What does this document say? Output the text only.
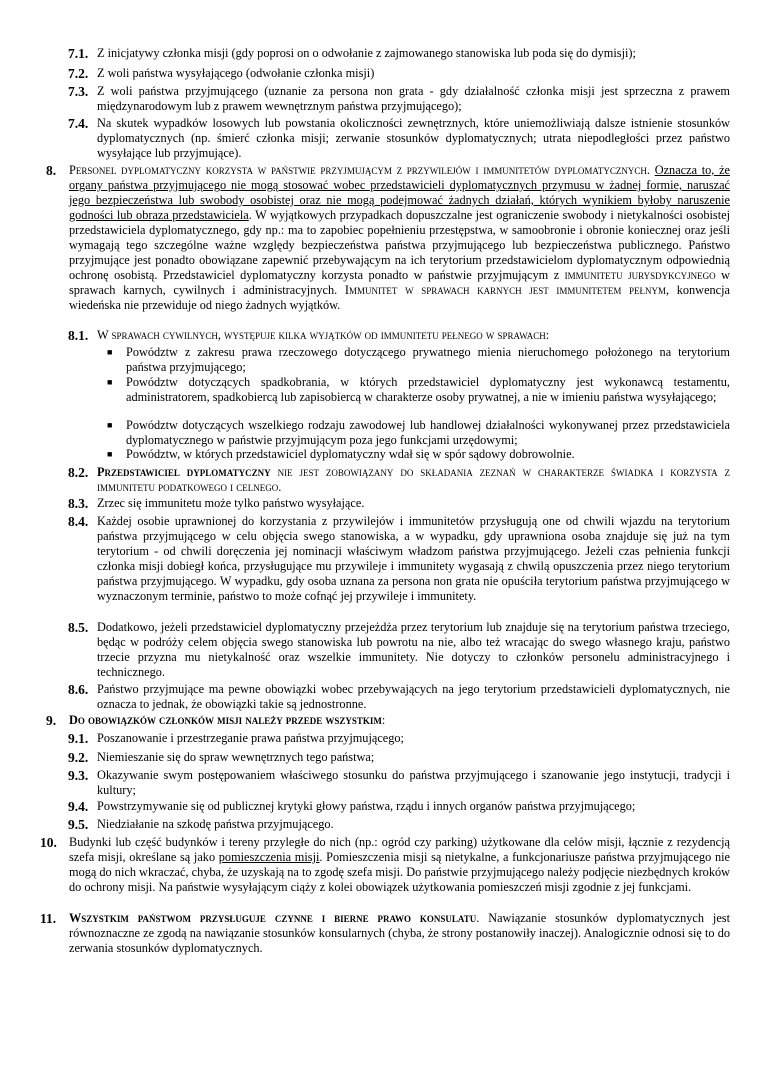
7.1. Z inicjatywy członka misji (gdy poprosi on o odwołanie z zajmowanego stanowiska lub poda się do dymisji);
7.2. Z woli państwa wysyłającego (odwołanie członka misji)
7.3. Z woli państwa przyjmującego (uznanie za persona non grata - gdy działalność członka misji jest sprzeczna z prawem międzynarodowym lub z prawem wewnętrznym państwa przyjmującego);
7.4. Na skutek wypadków losowych lub powstania okoliczności zewnętrznych, które uniemożliwiają dalsze istnienie stosunków dyplomatycznych (np. śmierć członka misji; zerwanie stosunków dyplomatycznych; utrata niepodległości przez państwo wysyłające lub przyjmujące).
8.	Personel dyplomatyczny korzysta w państwie przyjmującym z przywilejów i immunitetów dyplomatycznych. Oznacza to, że organy państwa przyjmującego nie mogą stosować wobec przedstawicieli dyplomatycznych przymusu w żadnej formie, naruszać jego bezpieczeństwa lub swobody osobistej oraz nie mogą podejmować żadnych działań, których wynikiem byłoby naruszenie godności lub obraza przedstawiciela. W wyjątkowych przypadkach dopuszczalne jest ograniczenie swobody i nietykalności osobistej przedstawiciela dyplomatycznego, gdy np.: ma to zapobiec popełnieniu przestępstwa, w samoobronie i obronie koniecznej oraz jeśli wymagają tego szczególne ważne względy bezpieczeństwa państwa przyjmującego lub bezpieczeństwa publicznego. Państwo przyjmujące jest ponadto obowiązane zapewnić przebywającym na ich terytorium przedstawicielom dyplomatycznym odpowiednią ochronę osobistą. Przedstawiciel dyplomatyczny korzysta ponadto w państwie przyjmującym z immunitetu jurysdykcyjnego w sprawach karnych, cywilnych i administracyjnych. Immunitet w sprawach karnych jest immunitetem pełnym, konwencja wiedeńska nie przewiduje od niego żadnych wyjątków.
8.1. W sprawach cywilnych, występuje kilka wyjątków od immunitetu pełnego w sprawach:
■ Powództw z zakresu prawa rzeczowego dotyczącego prywatnego mienia nieruchomego położonego na terytorium państwa przyjmującego;
■ Powództw dotyczących spadkobrania, w których przedstawiciel dyplomatyczny jest wykonawcą testamentu, administratorem, spadkobiercą lub zapisobiercą w charakterze osoby prywatnej, a nie w imieniu państwa wysyłającego;
■ Powództw dotyczących wszelkiego rodzaju zawodowej lub handlowej działalności wykonywanej przez przedstawiciela dyplomatycznego w państwie przyjmującym poza jego funkcjami urzędowymi;
■ Powództw, w których przedstawiciel dyplomatyczny wdał się w spór sądowy dobrowolnie.
8.2. Przedstawiciel dyplomatyczny nie jest zobowiązany do składania zeznań w charakterze świadka i korzysta z immunitetu podatkowego i celnego.
8.3. Zrzec się immunitetu może tylko państwo wysyłające.
8.4. Każdej osobie uprawnionej do korzystania z przywilejów i immunitetów przysługują one od chwili wjazdu na terytorium państwa przyjmującego w celu objęcia swego stanowiska, a w wypadku, gdy uprawniona osoba znajduje się już na tym terytorium - od chwili doręczenia jej nominacji właściwym władzom państwa przyjmującego. Jeżeli czas pełnienia funkcji członka misji dobiegł końca, przysługujące mu przywileje i immunitety wygasają z chwilą opuszczenia przez niego terytorium państwa przyjmującego. W wypadku, gdy osoba uznana za persona non grata nie opuściła terytorium państwa przyjmującego w wyznaczonym terminie, państwo to może cofnąć jej przywileje i immunitety.
8.5. Dodatkowo, jeżeli przedstawiciel dyplomatyczny przejeżdża przez terytorium lub znajduje się na terytorium państwa trzeciego, będąc w podróży celem objęcia swego stanowiska lub powrotu na nie, albo też wracając do swego własnego kraju, państwo trzecie przyzna mu nietykalność oraz wszelkie immunitety. Nie dotyczy to członków personelu administracyjnego i technicznego.
8.6. Państwo przyjmujące ma pewne obowiązki wobec przebywających na jego terytorium przedstawicieli dyplomatycznych, nie oznacza to jednak, że obowiązki takie są jednostronne.
9.	Do obowiązków członków misji należy przede wszystkim:
9.1. Poszanowanie i przestrzeganie prawa państwa przyjmującego;
9.2. Niemieszanie się do spraw wewnętrznych tego państwa;
9.3. Okazywanie swym postępowaniem właściwego stosunku do państwa przyjmującego i szanowanie jego instytucji, tradycji i kultury;
9.4. Powstrzymywanie się od publicznej krytyki głowy państwa, rządu i innych organów państwa przyjmującego;
9.5. Niedziałanie na szkodę państwa przyjmującego.
10. Budynki lub część budynków i tereny przyległe do nich (np.: ogród czy parking) użytkowane dla celów misji, łącznie z rezydencją szefa misji, określane są jako pomieszczenia misji. Pomieszczenia misji są nietykalne, a funkcjonariusze państwa przyjmującego nie mogą do nich wkraczać, chyba, że uzyskają na to zgodę szefa misji. Do państwie przyjmującego należy podjęcie niezbędnych kroków do ochrony misji. Na państwie wysyłającym ciąży z kolei obowiązek użytkowania pomieszczeń misji zgodnie z jej funkcjami.
11.	Wszystkim państwom przysługuje czynne i bierne prawo konsulatu. Nawiązanie stosunków dyplomatycznych jest równoznaczne ze zgodą na nawiązanie stosunków konsularnych (chyba, że strony postanowiły inaczej). Analogicznie odnosi się to do zerwania stosunków dyplomatycznych.
